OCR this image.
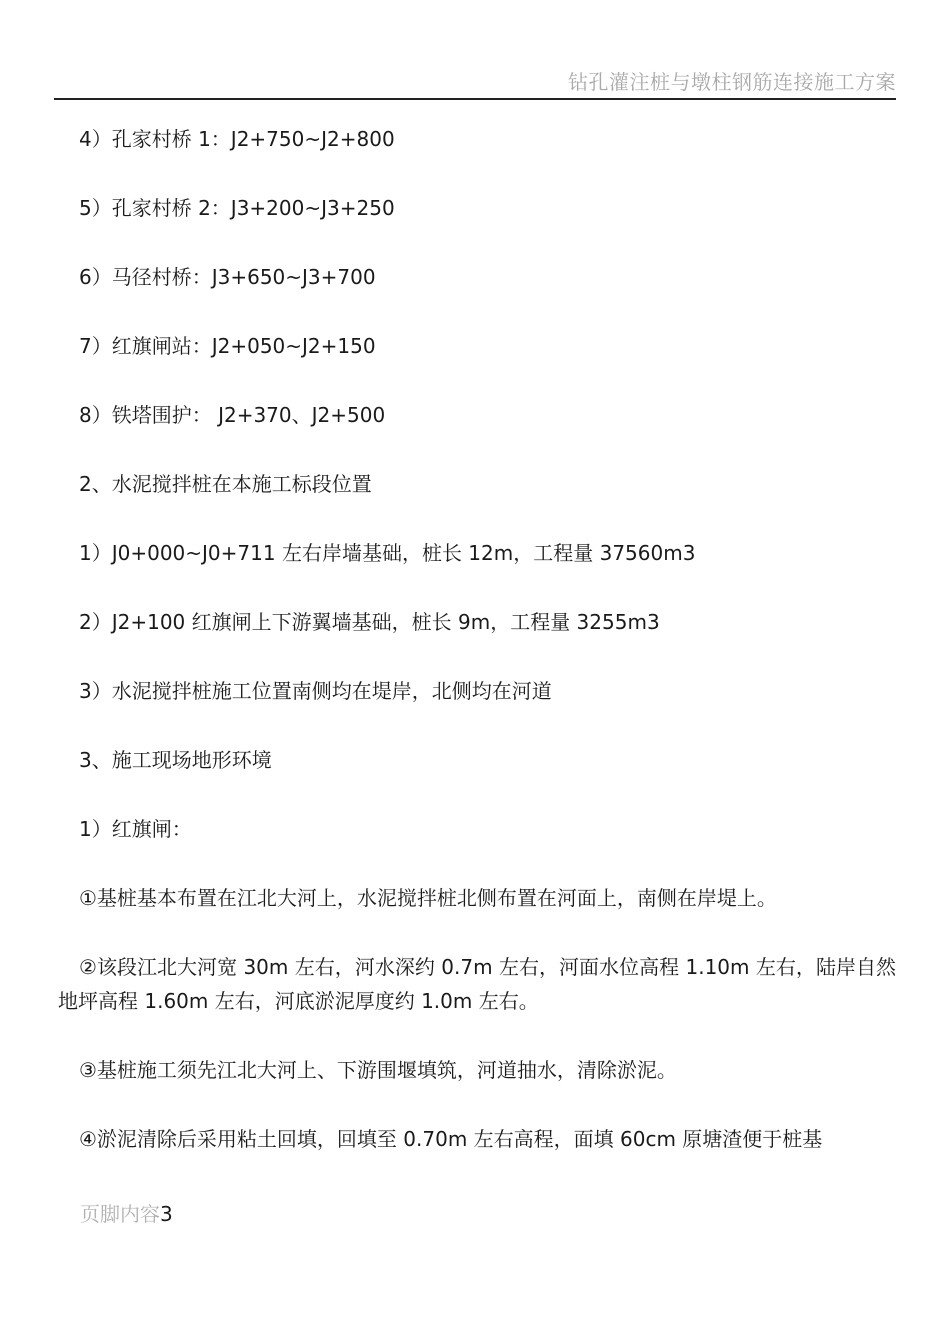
钻孔灌注桩与墩柱钢筋连接施工方案

4）孔家村桥 1：J2+750~J2+800

5）孔家村桥 2：J3+200~J3+250

6）马径村桥：J3+650~J3+700

7）红旗闸站：J2+050~J2+150

8）铁塔围护： J2+370、J2+500

2、水泥搅拌桩在本施工标段位置

1）J0+000~J0+711 左右岸墙基础，桩长 12m，工程量 37560m3

2）J2+100 红旗闸上下游翼墙基础，桩长 9m，工程量 3255m3

3）水泥搅拌桩施工位置南侧均在堤岸，北侧均在河道

3、施工现场地形环境

1）红旗闸：

①基桩基本布置在江北大河上，水泥搅拌桩北侧布置在河面上，南侧在岸堤上。

②该段江北大河宽 30m 左右，河水深约 0.7m 左右，河面水位高程 1.10m 左右，陆岸自然地坪高程 1.60m 左右，河底淤泥厚度约 1.0m 左右。

③基桩施工须先江北大河上、下游围堰填筑，河道抽水，清除淤泥。

④淤泥清除后采用粘土回填，回填至 0.70m 左右高程，面填 60cm 原塘渣便于桩基

页脚内容3
